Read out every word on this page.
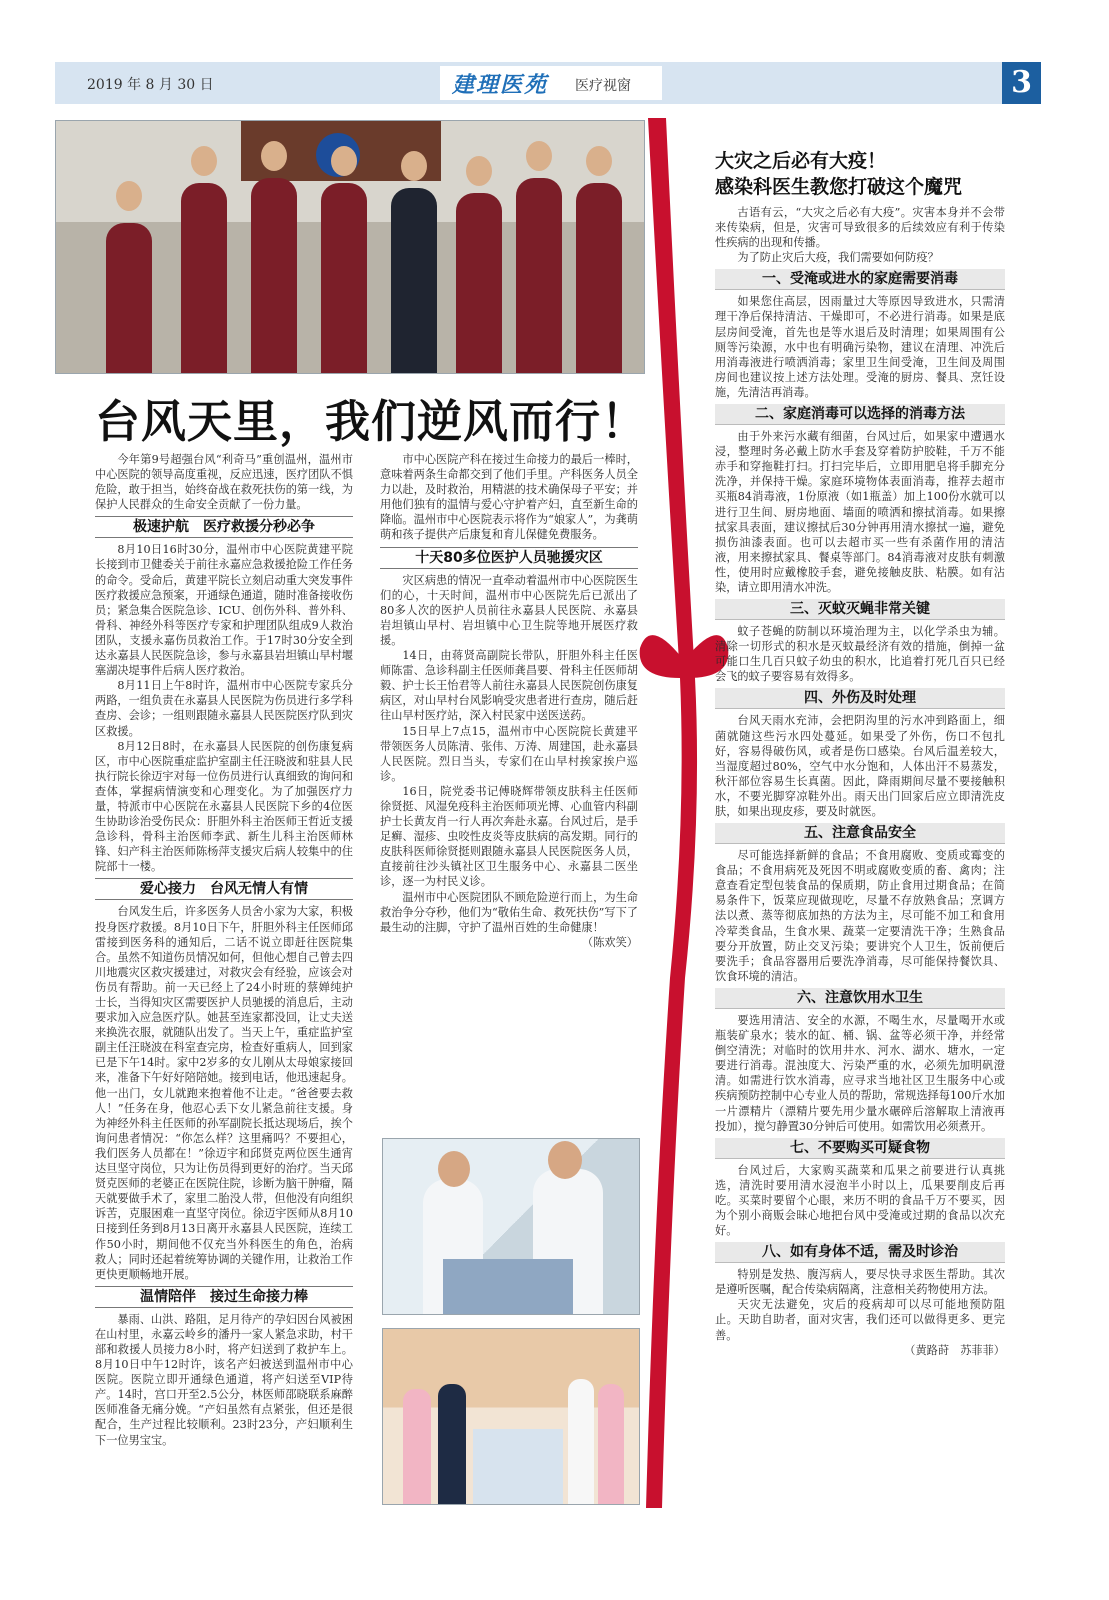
2019 年 8 月 30 日	建理医苑 医疗视窗	3
台风天里，我们逆风而行！

今年第9号超强台风“利奇马”重创温州，温州市中心医院的领导高度重视，反应迅速，医疗团队不惧危险，敢于担当，始终奋战在救死扶伤的第一线，为保护人民群众的生命安全贡献了一份力量。

极速护航　医疗救援分秒必争

8月10日16时30分，温州市中心医院黄建平院长接到市卫健委关于前往永嘉应急救援抢险工作任务的命令。受命后，黄建平院长立刻启动重大突发事件医疗救援应急预案，开通绿色通道，随时准备接收伤员；紧急集合医院急诊、ICU、创伤外科、普外科、骨科、神经外科等医疗专家和护理团队组成9人救治团队，支援永嘉伤员救治工作。于17时30分安全到达永嘉县人民医院急诊，参与永嘉县岩坦镇山早村堰塞湖决堤事件后病人医疗救治。

8月11日上午8时许，温州市中心医院专家兵分两路，一组负责在永嘉县人民医院为伤员进行多学科查房、会诊；一组则跟随永嘉县人民医院医疗队到灾区救援。

8月12日8时，在永嘉县人民医院的创伤康复病区，市中心医院重症监护室副主任汪晓波和驻县人民执行院长徐迈宇对每一位伤员进行认真细致的询问和查体，掌握病情演变和心理变化。为了加强医疗力量，特派市中心医院在永嘉县人民医院下乡的4位医生协助诊治受伤民众：肝胆外科主治医师王哲近支援急诊科，骨科主治医师李武、新生儿科主治医师林锋、妇产科主治医师陈杨萍支援灾后病人较集中的住院部十一楼。

爱心接力　台风无情人有情

台风发生后，许多医务人员舍小家为大家，积极投身医疗救援。8月10日下午，肝胆外科主任医师邱雷接到医务科的通知后，二话不说立即赶往医院集合。虽然不知道伤员情况如何，但他心想自己曾去四川地震灾区救灾援建过，对救灾会有经验，应该会对伤员有帮助。前一天已经上了24小时班的蔡婵纯护士长，当得知灾区需要医护人员驰援的消息后，主动要求加入应急医疗队。她甚至连家都没回，让丈夫送来换洗衣服，就随队出发了。当天上午，重症监护室副主任汪晓波在科室查完房，检查好重病人，回到家已是下午14时。家中2岁多的女儿刚从太母娘家接回来，准备下午好好陪陪她。接到电话，他迅速起身。他一出门，女儿就跑来抱着他不让走。“爸爸要去救人！”任务在身，他忍心丢下女儿紧急前往支援。身为神经外科主任医师的孙军副院长抵达现场后，挨个询问患者情况：“你怎么样？这里痛吗？不要担心，我们医务人员都在！”徐迈宇和邱贤克两位医生通宵达旦坚守岗位，只为让伤员得到更好的治疗。当天邱贤克医师的老婆正在医院住院，诊断为脑干肿瘤，隔天就要做手术了，家里二胎没人带，但他没有向组织诉苦，克服困难一直坚守岗位。徐迈宇医师从8月10日接到任务到8月13日离开永嘉县人民医院，连续工作50小时，期间他不仅充当外科医生的角色，治病救人；同时还起着统筹协调的关键作用，让救治工作更快更顺畅地开展。

温情陪伴　接过生命接力棒

暴雨、山洪、路阻，足月待产的孕妇因台风被困在山村里，永嘉云岭乡的潘丹一家人紧急求助，村干部和救援人员接力8小时，将产妇送到了救护车上。8月10日中午12时许，该名产妇被送到温州市中心医院。医院立即开通绿色通道，将产妇送至VIP待产。14时，宫口开至2.5公分，林医师邵晓联系麻醉医师准备无痛分娩。“产妇虽然有点紧张，但还是很配合，生产过程比较顺利。23时23分，产妇顺利生下一位男宝宝。

市中心医院产科在接过生命接力的最后一棒时，意味着两条生命都交到了他们手里。产科医务人员全力以赴，及时救治，用精湛的技术确保母子平安；并用他们独有的温情与爱心守护着产妇，直至新生命的降临。温州市中心医院表示将作为“娘家人”，为龚萌萌和孩子提供产后康复和育儿保健免费服务。

十天80多位医护人员驰援灾区

灾区病患的情况一直牵动着温州市中心医院医生们的心，十天时间，温州市中心医院先后已派出了80多人次的医护人员前往永嘉县人民医院、永嘉县岩坦镇山早村、岩坦镇中心卫生院等地开展医疗救援。

14日，由蒋贤高副院长带队，肝胆外科主任医师陈雷、急诊科副主任医师龚昌要、骨科主任医师胡毅、护士长王怡君等人前往永嘉县人民医院创伤康复病区，对山早村台风影响受灾患者进行查房，随后赶往山早村医疗站，深入村民家中送医送药。

15日早上7点15，温州市中心医院院长黄建平带领医务人员陈清、张伟、万涛、周建国，赴永嘉县人民医院。烈日当头，专家们在山早村挨家挨户巡诊。

16日，院党委书记傅晓辉带领皮肤科主任医师徐贤挺、风湿免疫科主治医师项光博、心血管内科副护士长黄友肖一行人再次奔赴永嘉。台风过后，是手足癣、湿疹、虫咬性皮炎等皮肤病的高发期。同行的皮肤科医师徐贤挺则跟随永嘉县人民医院医务人员，直接前往沙头镇社区卫生服务中心、永嘉县二医坐诊，逐一为村民义诊。

温州市中心医院团队不顾危险逆行而上，为生命救治争分夺秒，他们为“敬佑生命、救死扶伤”写下了最生动的注脚，守护了温州百姓的生命健康！

（陈欢笑）
大灾之后必有大疫！
感染科医生教您打破这个魔咒

古语有云，“大灾之后必有大疫”。灾害本身并不会带来传染病，但是，灾害可导致很多的后续效应有利于传染性疾病的出现和传播。

为了防止灾后大疫，我们需要如何防疫？

一、受淹或进水的家庭需要消毒

如果您住高层，因雨量过大等原因导致进水，只需清理干净后保持清洁、干燥即可，不必进行消毒。如果是底层房间受淹，首先也是等水退后及时清理；如果周围有公厕等污染源，水中也有明确污染物，建议在清理、冲洗后用消毒液进行喷洒消毒；家里卫生间受淹，卫生间及周围房间也建议按上述方法处理。受淹的厨房、餐具、烹饪设施，先清洁再消毒。

二、家庭消毒可以选择的消毒方法

由于外来污水藏有细菌，台风过后，如果家中遭遇水浸，整理时务必戴上防水手套及穿着防护胶鞋，千万不能赤手和穿拖鞋打扫。打扫完毕后，立即用肥皂将手脚充分洗净，并保持干燥。家庭环境物体表面消毒，推荐去超市买瓶84消毒液，1份原液（如1瓶盖）加上100份水就可以进行卫生间、厨房地面、墙面的喷洒和擦拭消毒。如果擦拭家具表面，建议擦拭后30分钟再用清水擦拭一遍，避免损伤油漆表面。也可以去超市买一些有杀菌作用的清洁液，用来擦拭家具、餐桌等部门。84消毒液对皮肤有刺激性，使用时应戴橡胶手套，避免接触皮肤、粘膜。如有沾染，请立即用清水冲洗。

三、灭蚊灭蝇非常关键

蚊子苍蝇的防制以环境治理为主，以化学杀虫为辅。清除一切形式的积水是灭蚊最经济有效的措施，倒掉一盆可能口生几百只蚊子幼虫的积水，比追着打死几百只已经会飞的蚊子要容易有效得多。

四、外伤及时处理

台风天雨水充沛，会把阴沟里的污水冲到路面上，细菌就随这些污水四处蔓延。如果受了外伤，伤口不包扎好，容易得破伤风，或者是伤口感染。台风后温差较大，当湿度超过80%，空气中水分饱和，人体出汗不易蒸发，秋汗部位容易生长真菌。因此，降雨期间尽量不要接触积水，不要光脚穿凉鞋外出。雨天出门回家后应立即清洗皮肤，如果出现皮疹，要及时就医。

五、注意食品安全

尽可能选择新鲜的食品；不食用腐败、变质或霉变的食品；不食用病死及死因不明或腐败变质的畜、禽肉；注意查看定型包装食品的保质期，防止食用过期食品；在简易条件下，饭菜应现做现吃，尽量不存放熟食品；烹调方法以煮、蒸等彻底加热的方法为主，尽可能不加工和食用冷荤类食品，生食水果、蔬菜一定要清洗干净；生熟食品要分开放置，防止交叉污染；要讲究个人卫生，饭前便后要洗手；食品容器用后要洗净消毒，尽可能保持餐饮具、饮食环境的清洁。

六、注意饮用水卫生

要选用清洁、安全的水源，不喝生水，尽量喝开水或瓶装矿泉水；装水的缸、桶、锅、盆等必须干净，并经常倒空清洗；对临时的饮用井水、河水、湖水、塘水，一定要进行消毒。混浊度大、污染严重的水，必须先加明矾澄清。如需进行饮水消毒，应寻求当地社区卫生服务中心或疾病预防控制中心专业人员的帮助，常规选择每100斤水加一片漂精片（漂精片要先用少量水碾碎后溶解取上清液再投加），搅匀静置30分钟后可使用。如需饮用必须煮开。

七、不要购买可疑食物

台风过后，大家购买蔬菜和瓜果之前要进行认真挑选，清洗时要用清水浸泡半小时以上，瓜果要削皮后再吃。买菜时要留个心眼，来历不明的食品千万不要买，因为个别小商贩会昧心地把台风中受淹或过期的食品以次充好。

八、如有身体不适，需及时诊治

特别是发热、腹泻病人，要尽快寻求医生帮助。其次是遵听医嘱，配合传染病隔离，注意相关药物使用方法。

天灾无法避免，灾后的疫病却可以尽可能地预防阻止。天助自助者，面对灾害，我们还可以做得更多、更完善。

（黄路莳　苏菲菲）
